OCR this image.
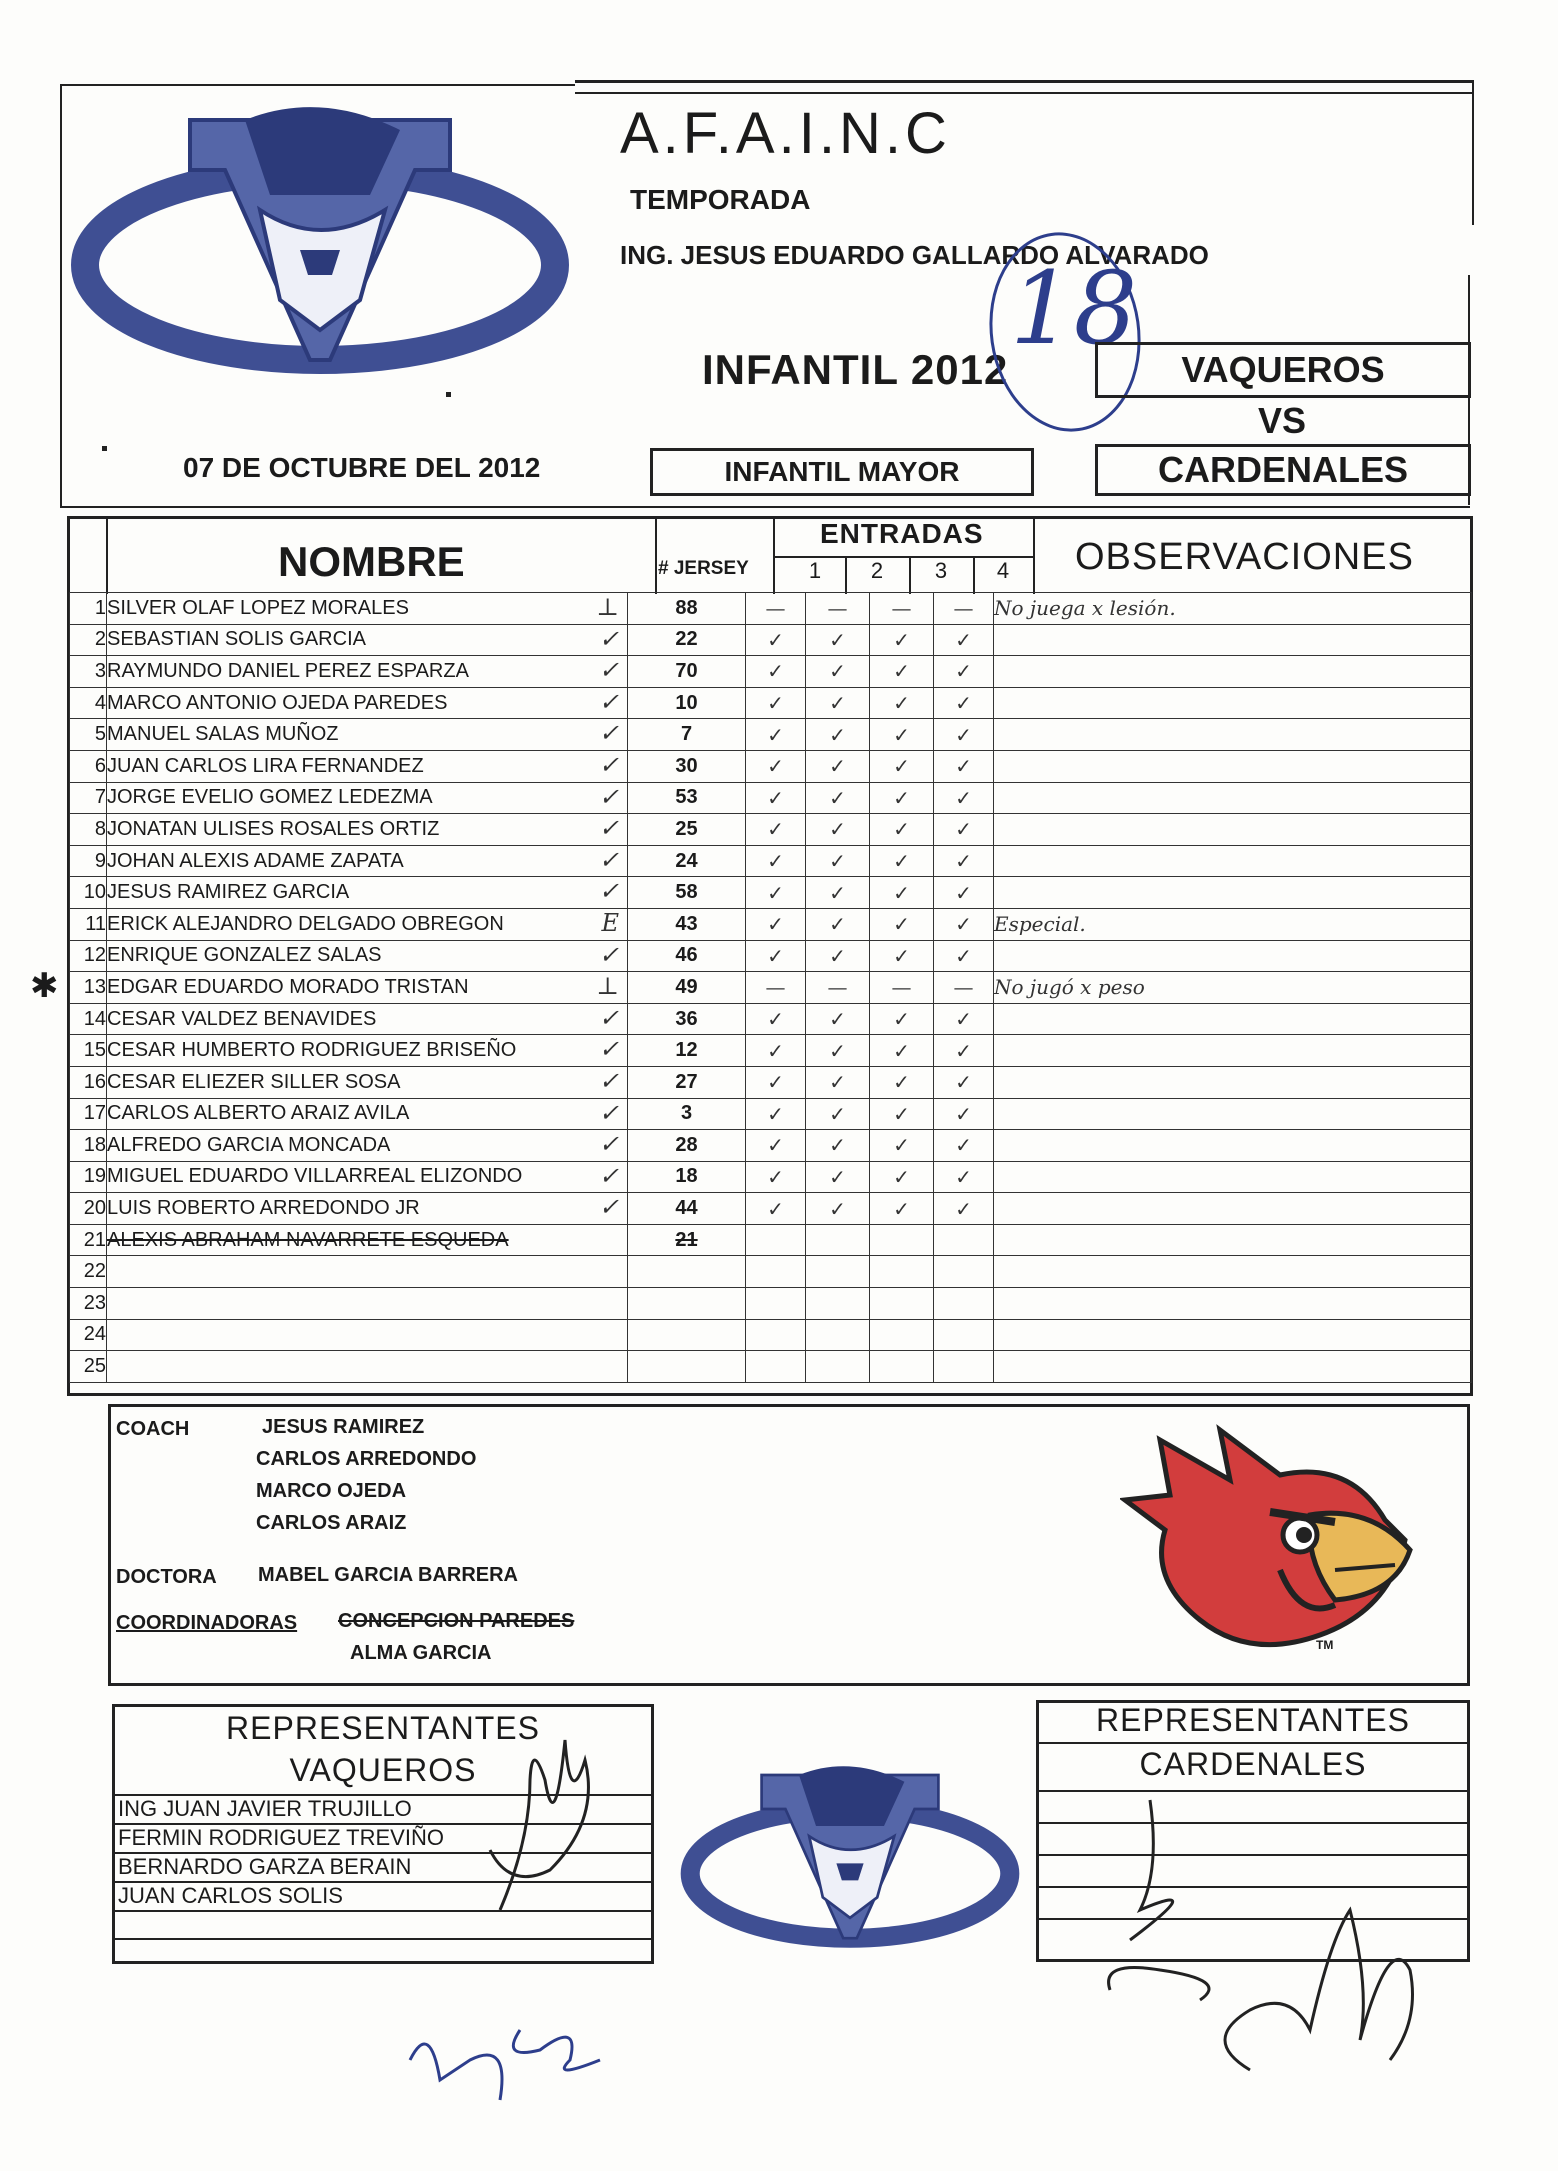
A.F.A.I.N.C
TEMPORADA
ING. JESUS EDUARDO GALLARDO ALVARADO
INFANTIL 2012
18
VAQUEROS
VS
CARDENALES
INFANTIL MAYOR
07 DE OCTUBRE DEL 2012
NOMBRE	# JERSEY
ENTRADAS
1	2	3	4	OBSERVACIONES
✱
1	SILVER OLAF LOPEZ MORALES ⊥	88	—	—	—	—	No juega x lesión.
2	SEBASTIAN SOLIS GARCIA ✓	22	✓	✓	✓	✓	
3	RAYMUNDO DANIEL PEREZ ESPARZA ✓	70	✓	✓	✓	✓	
4	MARCO ANTONIO OJEDA PAREDES ✓	10	✓	✓	✓	✓	
5	MANUEL SALAS MUÑOZ ✓	7	✓	✓	✓	✓	
6	JUAN CARLOS LIRA FERNANDEZ ✓	30	✓	✓	✓	✓	
7	JORGE EVELIO GOMEZ LEDEZMA ✓	53	✓	✓	✓	✓	
8	JONATAN ULISES ROSALES ORTIZ ✓	25	✓	✓	✓	✓	
9	JOHAN ALEXIS ADAME ZAPATA ✓	24	✓	✓	✓	✓	
10	JESUS RAMIREZ GARCIA ✓	58	✓	✓	✓	✓	
11	ERICK ALEJANDRO DELGADO OBREGON E	43	✓	✓	✓	✓	Especial.
12	ENRIQUE GONZALEZ SALAS ✓	46	✓	✓	✓	✓	
13	EDGAR EDUARDO MORADO TRISTAN ⊥	49	—	—	—	—	No jugó x peso
14	CESAR VALDEZ BENAVIDES ✓	36	✓	✓	✓	✓	
15	CESAR HUMBERTO RODRIGUEZ BRISEÑO ✓	12	✓	✓	✓	✓	
16	CESAR ELIEZER SILLER SOSA ✓	27	✓	✓	✓	✓	
17	CARLOS ALBERTO ARAIZ AVILA ✓	3	✓	✓	✓	✓	
18	ALFREDO GARCIA MONCADA ✓	28	✓	✓	✓	✓	
19	MIGUEL EDUARDO VILLARREAL ELIZONDO ✓	18	✓	✓	✓	✓	
20	LUIS ROBERTO ARREDONDO JR ✓	44	✓	✓	✓	✓	
21	ALEXIS ABRAHAM NAVARRETE ESQUEDA	21					
22	

23	

24	

25	

COACH	JESUS RAMIREZ
CARLOS ARREDONDO
MARCO OJEDA
CARLOS ARAIZ
DOCTORA MABEL GARCIA BARRERA
COORDINADORAS CONCEPCION PAREDES
ALMA GARCIA	TM
REPRESENTANTES
VAQUEROS
ING JUAN JAVIER TRUJILLO
FERMIN RODRIGUEZ TREVIÑO
BERNARDO GARZA BERAIN
JUAN CARLOS SOLIS
REPRESENTANTES
CARDENALES
